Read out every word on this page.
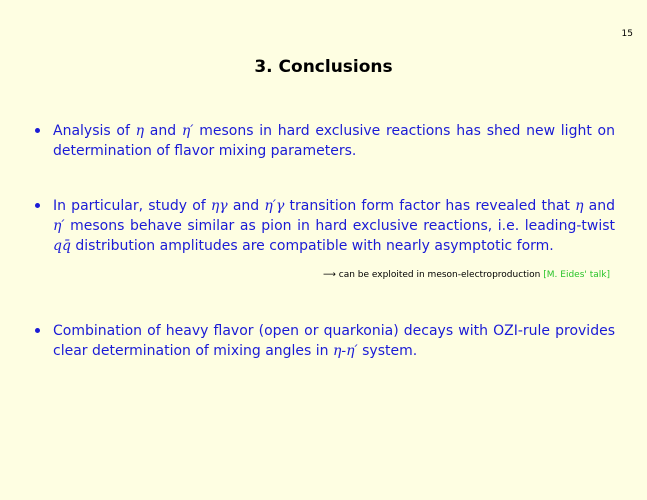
15
3. Conclusions
Analysis of η and η′ mesons in hard exclusive reactions has shed new light on determination of flavor mixing parameters.
In particular, study of ηγ and η′γ transition form factor has revealed that η and η′ mesons behave similar as pion in hard exclusive reactions, i.e. leading-twist qq̄ distribution amplitudes are compatible with nearly asymptotic form.
Combination of heavy flavor (open or quarkonia) decays with OZI-rule provides clear determination of mixing angles in η-η′ system.
⟶ can be exploited in meson-electroproduction [M. Eides' talk]
